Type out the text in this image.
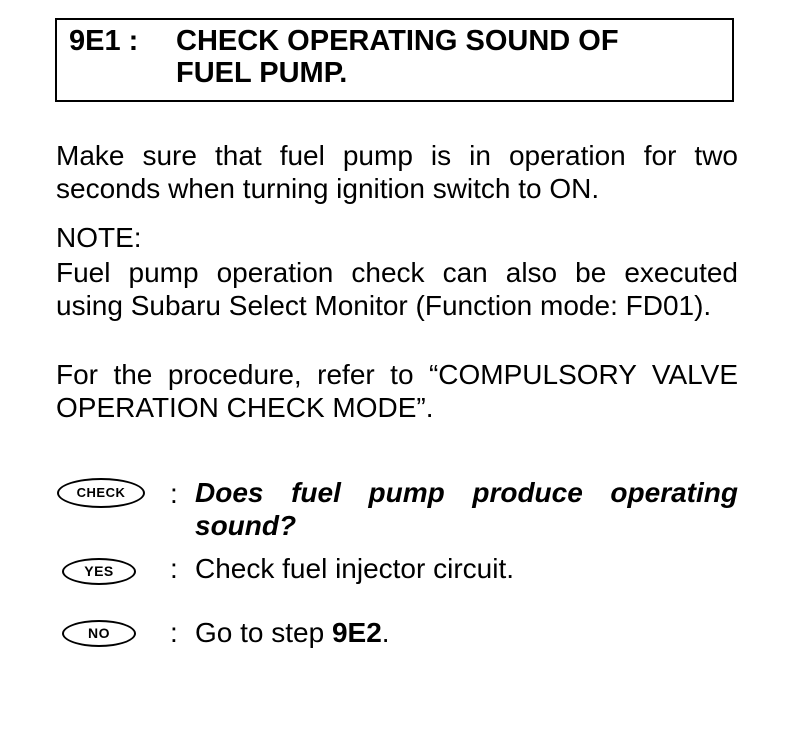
9E1 : CHECK OPERATING SOUND OF
FUEL PUMP.
Make sure that fuel pump is in operation for two seconds when turning ignition switch to ON.
NOTE:
Fuel pump operation check can also be executed using Subaru Select Monitor (Function mode: FD01).
For the procedure, refer to “COMPULSORY VALVE OPERATION CHECK MODE”.
CHECK	: Does fuel pump produce operating sound?
YES	: Check fuel injector circuit.
NO	: Go to step 9E2.
